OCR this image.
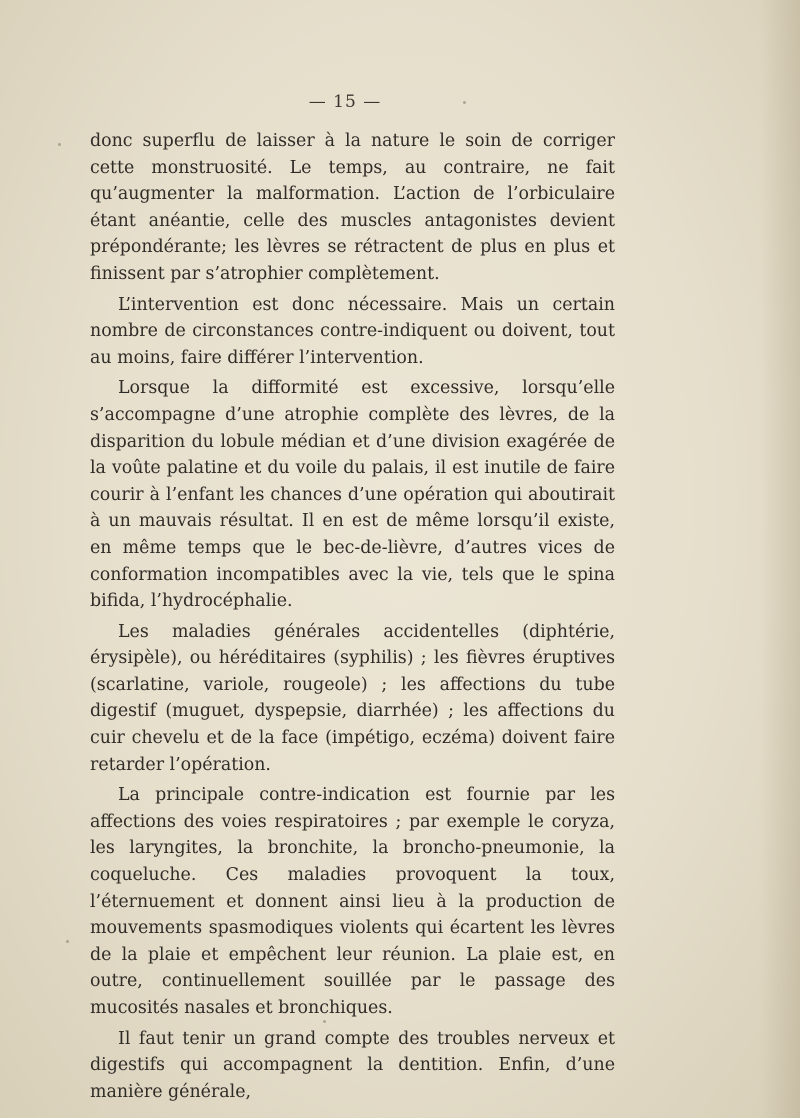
— 15 —

donc superflu de laisser à la nature le soin de corriger cette monstruosité. Le temps, au contraire, ne fait qu’augmenter la malformation. L’action de l’orbiculaire étant anéantie, celle des muscles antagonistes devient prépondérante; les lèvres se rétractent de plus en plus et finissent par s’atrophier complètement.

L’intervention est donc nécessaire. Mais un certain nombre de circonstances contre-indiquent ou doivent, tout au moins, faire différer l’intervention.

Lorsque la difformité est excessive, lorsqu’elle s’accompagne d’une atrophie complète des lèvres, de la disparition du lobule médian et d’une division exagérée de la voûte palatine et du voile du palais, il est inutile de faire courir à l’enfant les chances d’une opération qui aboutirait à un mauvais résultat. Il en est de même lorsqu’il existe, en même temps que le bec-de-lièvre, d’autres vices de conformation incompatibles avec la vie, tels que le spina bifida, l’hydrocéphalie.

Les maladies générales accidentelles (diphtérie, érysipèle), ou héréditaires (syphilis) ; les fièvres éruptives (scarlatine, variole, rougeole) ; les affections du tube digestif (muguet, dyspepsie, diarrhée) ; les affections du cuir chevelu et de la face (impétigo, eczéma) doivent faire retarder l’opération.

La principale contre-indication est fournie par les affections des voies respiratoires ; par exemple le coryza, les laryngites, la bronchite, la broncho-pneumonie, la coqueluche. Ces maladies provoquent la toux, l’éternuement et donnent ainsi lieu à la production de mouvements spasmodiques violents qui écartent les lèvres de la plaie et empêchent leur réunion. La plaie est, en outre, continuellement souillée par le passage des mucosités nasales et bronchiques.

Il faut tenir un grand compte des troubles nerveux et digestifs qui accompagnent la dentition. Enfin, d’une manière générale,
